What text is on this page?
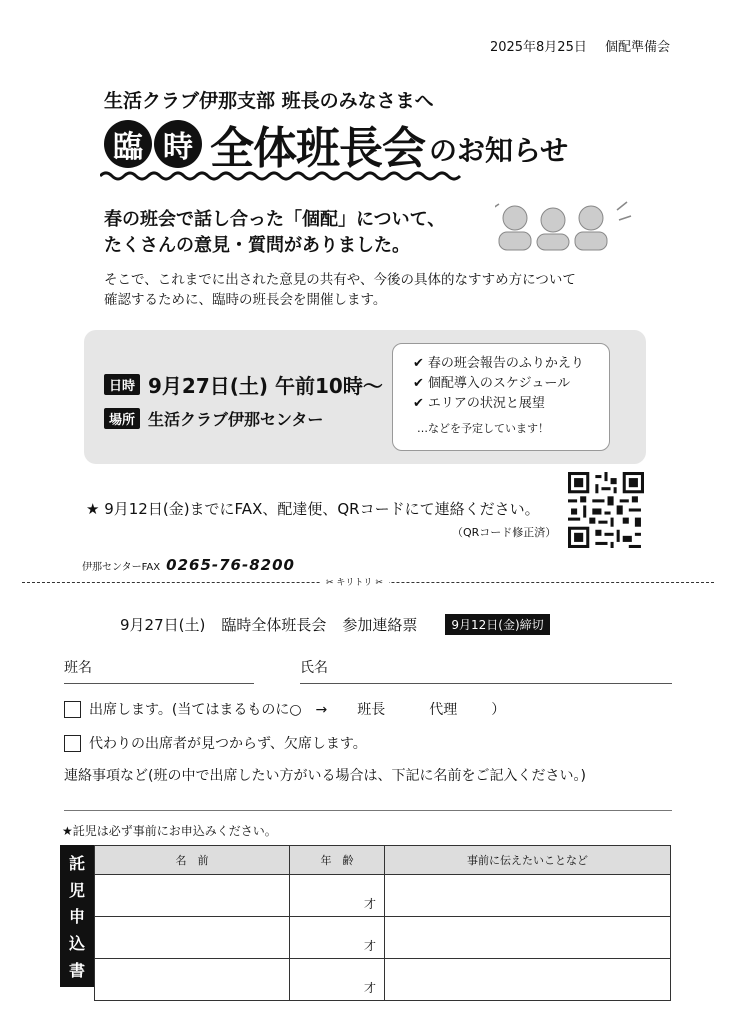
2025年8月25日 個配準備会
生活クラブ伊那支部 班長のみなさまへ
臨 時 全体班長会 のお知らせ
春の班会で話し合った「個配」について、
たくさんの意見・質問がありました。
そこで、これまでに出された意見の共有や、今後の具体的なすすめ方について
確認するために、臨時の班長会を開催します。
日時 9月27日(土) 午前10時～
場所 生活クラブ伊那センター
✔ 春の班会報告のふりかえり
✔ 個配導入のスケジュール
✔ エリアの状況と展望
…などを予定しています！
★ 9月12日(金)までにFAX、配達便、QRコードにて連絡ください。
（QRコード修正済）
伊那センターFAX 0265-76-8200
✂ キリトリ ✂
9月27日(土) 臨時全体班長会 参加連絡票	9月12日(金)締切
班名	氏名
出席します。(当てはまるものに○　→ 班長	代理 ）
代わりの出席者が見つからず、欠席します。
連絡事項など(班の中で出席したい方がいる場合は、下記に名前をご記入ください。)
★託児は必ず事前にお申込みください。
託
児
申
込
書
名　前	年　齢	事前に伝えたいことなど
	才	
	才	
	才	
